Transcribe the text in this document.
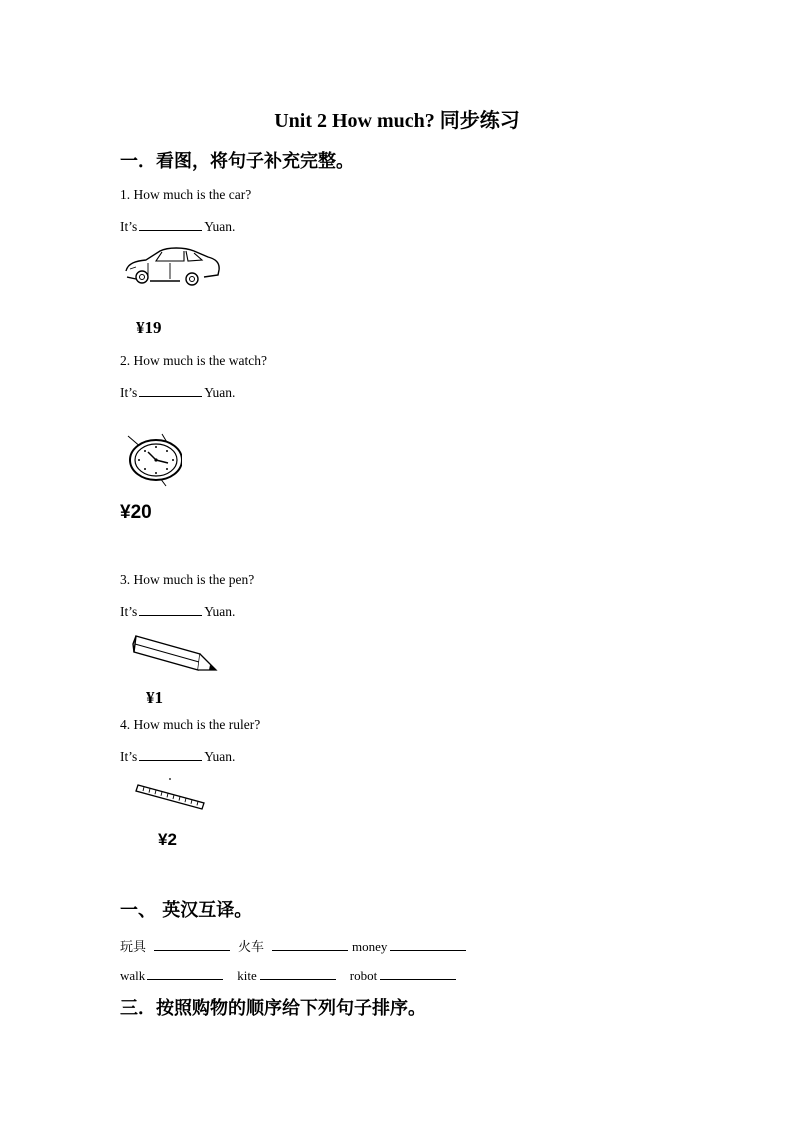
Unit 2 How much? 同步练习
一．看图，将句子补充完整。
1. How much is the car?
It’s	Yuan.
¥19
2. How much is the watch?
It’s	Yuan.
¥20
3. How much is the pen?
It’s	Yuan.
¥1
4. How much is the ruler?
It’s	Yuan.
¥2
一、 英汉互译。
玩具	火车	money
walk	kite	robot
三．按照购物的顺序给下列句子排序。
